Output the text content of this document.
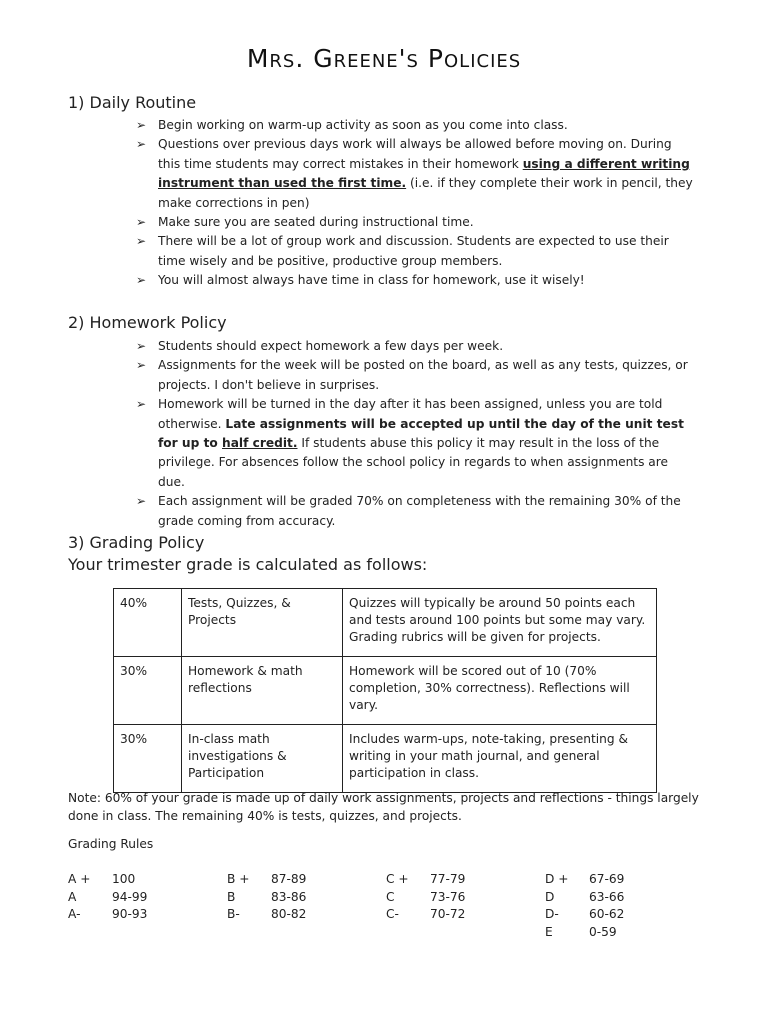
Mrs. Greene's Policies
1) Daily Routine
➢ Begin working on warm-up activity as soon as you come into class.
➢ Questions over previous days work will always be allowed before moving on. During this time students may correct mistakes in their homework using a different writing instrument than used the first time. (i.e. if they complete their work in pencil, they make corrections in pen)
➢ Make sure you are seated during instructional time.
➢ There will be a lot of group work and discussion. Students are expected to use their time wisely and be positive, productive group members.
➢ You will almost always have time in class for homework, use it wisely!
2) Homework Policy
➢ Students should expect homework a few days per week.
➢ Assignments for the week will be posted on the board, as well as any tests, quizzes, or projects. I don't believe in surprises.
➢ Homework will be turned in the day after it has been assigned, unless you are told otherwise. Late assignments will be accepted up until the day of the unit test for up to half credit. If students abuse this policy it may result in the loss of the privilege. For absences follow the school policy in regards to when assignments are due.
➢ Each assignment will be graded 70% on completeness with the remaining 30% of the grade coming from accuracy.
3) Grading Policy
Your trimester grade is calculated as follows:
40%	Tests, Quizzes, & Projects	Quizzes will typically be around 50 points each and tests around 100 points but some may vary. Grading rubrics will be given for projects.
30%	Homework & math reflections	Homework will be scored out of 10 (70% completion, 30% correctness). Reflections will vary.
30%	In-class math investigations & Participation	Includes warm-ups, note-taking, presenting & writing in your math journal, and general participation in class.
Note: 60% of your grade is made up of daily work assignments, projects and reflections - things largely done in class. The remaining 40% is tests, quizzes, and projects.
Grading Rules
A +	100
A	94-99
A-	90-93
B +	87-89
B	83-86
B-	80-82
C +	77-79
C	73-76
C-	70-72
D +	67-69
D	63-66
D-	60-62
E	0-59
